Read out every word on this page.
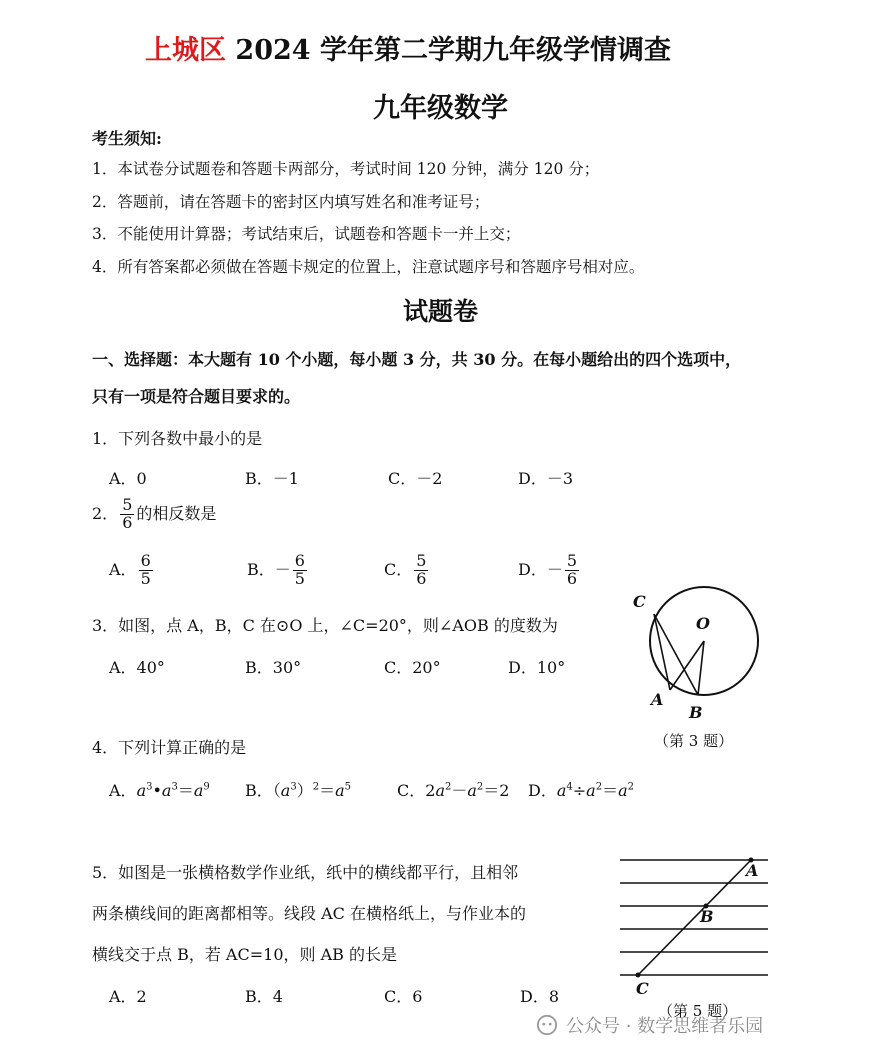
上城区 2024 学年第二学期九年级学情调查
九年级数学
考生须知:
1．本试卷分试题卷和答题卡两部分，考试时间 120 分钟，满分 120 分；
2．答题前，请在答题卡的密封区内填写姓名和准考证号；
3．不能使用计算器；考试结束后，试题卷和答题卡一并上交；
4．所有答案都必须做在答题卡规定的位置上，注意试题序号和答题序号相对应。
试题卷
一、选择题：本大题有 10 个小题，每小题 3 分，共 30 分。在每小题给出的四个选项中，
只有一项是符合题目要求的。
1．下列各数中最小的是
A．0	B．－1	C．－2	D．－3
2． $\frac{5}{6}$ 的相反数是
A． $\frac{6}{5}$	B．－ $\frac{6}{5}$	C． $\frac{5}{6}$	D．－ $\frac{5}{6}$
3．如图，点 A，B，C 在⊙O 上，∠C=20°，则∠AOB 的度数为
A．40°	B．30°	C．20°	D．10°
C
O
A
B
（第 3 题）
4．下列计算正确的是
A．$a^3•a^3=a^9$ B．$(a^3)^2=a^5$	C．$2a^2-a^2=2$ D．$a^4\div a^2=a^2$
5．如图是一张横格数学作业纸，纸中的横线都平行，且相邻
两条横线间的距离都相等。线段 AC 在横格纸上，与作业本的
横线交于点 B，若 AC=10，则 AB 的长是
A．2	B．4	C．6	D．8
A
B
C
（第 5 题）
公众号 · 数学思维者乐园
